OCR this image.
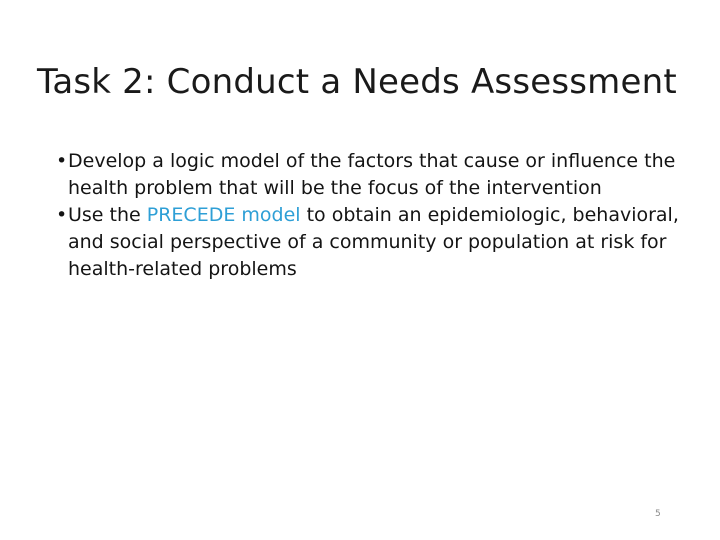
Task 2: Conduct a Needs Assessment
• Develop a logic model of the factors that cause or influence the health problem that will be the focus of the intervention
• Use the PRECEDE model to obtain an epidemiologic, behavioral, and social perspective of a community or population at risk for health-related problems
5
